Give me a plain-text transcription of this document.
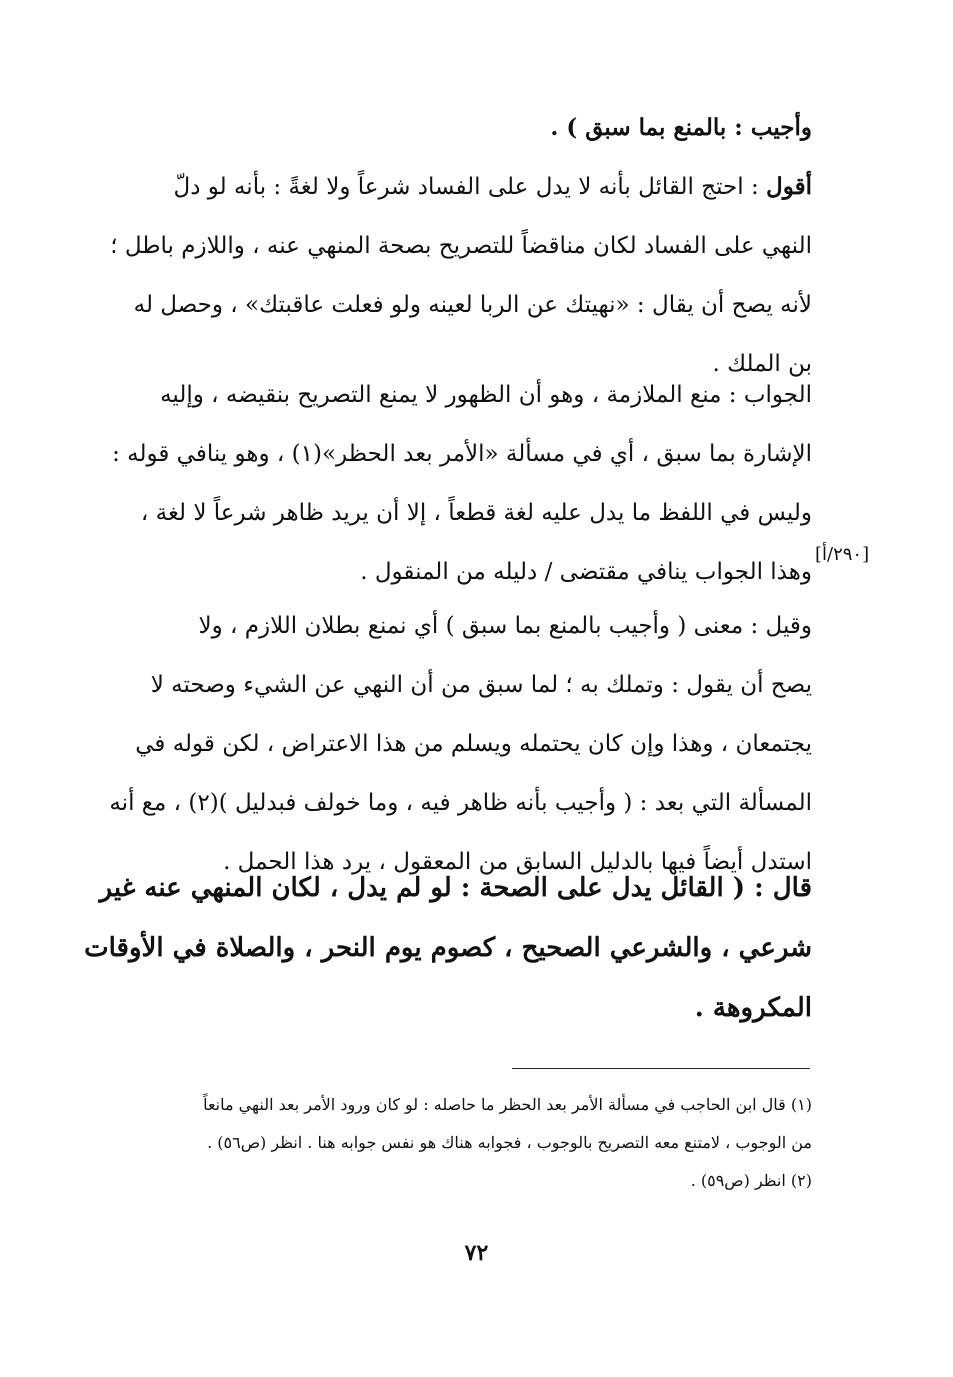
وأجيب : بالمنع بما سبق ) .
أقول : احتج القائل بأنه لا يدل على الفساد شرعاً ولا لغةً : بأنه لو دلّ
النهي على الفساد لكان مناقضاً للتصريح بصحة المنهي عنه ، واللازم باطل ؛
لأنه يصح أن يقال : «نهيتك عن الربا لعينه ولو فعلت عاقبتك» ، وحصل له
بن الملك .
الجواب : منع الملازمة ، وهو أن الظهور لا يمنع التصريح بنقيضه ، وإليه
الإشارة بما سبق ، أي في مسألة «الأمر بعد الحظر»(١) ، وهو ينافي قوله :
وليس في اللفظ ما يدل عليه لغة قطعاً ، إلا أن يريد ظاهر شرعاً لا لغة ،
وهذا الجواب ينافي مقتضى / دليله من المنقول .
[٢٩٠/أ]
وقيل : معنى ( وأجيب بالمنع بما سبق ) أي نمنع بطلان اللازم ، ولا
يصح أن يقول : وتملك به ؛ لما سبق من أن النهي عن الشيء وصحته لا
يجتمعان ، وهذا وإن كان يحتمله ويسلم من هذا الاعتراض ، لكن قوله في
المسألة التي بعد : ( وأجيب بأنه ظاهر فيه ، وما خولف فبدليل )(٢) ، مع أنه
استدل أيضاً فيها بالدليل السابق من المعقول ، يرد هذا الحمل .
قال : ( القائل يدل على الصحة : لو لم يدل ، لكان المنهي عنه غير
شرعي ، والشرعي الصحيح ، كصوم يوم النحر ، والصلاة في الأوقات
المكروهة .
(١) قال ابن الحاجب في مسألة الأمر بعد الحظر ما حاصله : لو كان ورود الأمر بعد النهي مانعاً
من الوجوب ، لامتنع معه التصريح بالوجوب ، فجوابه هناك هو نفس جوابه هنا . انظر (ص٥٦) .
(٢) انظر (ص٥٩) .
٧٢
